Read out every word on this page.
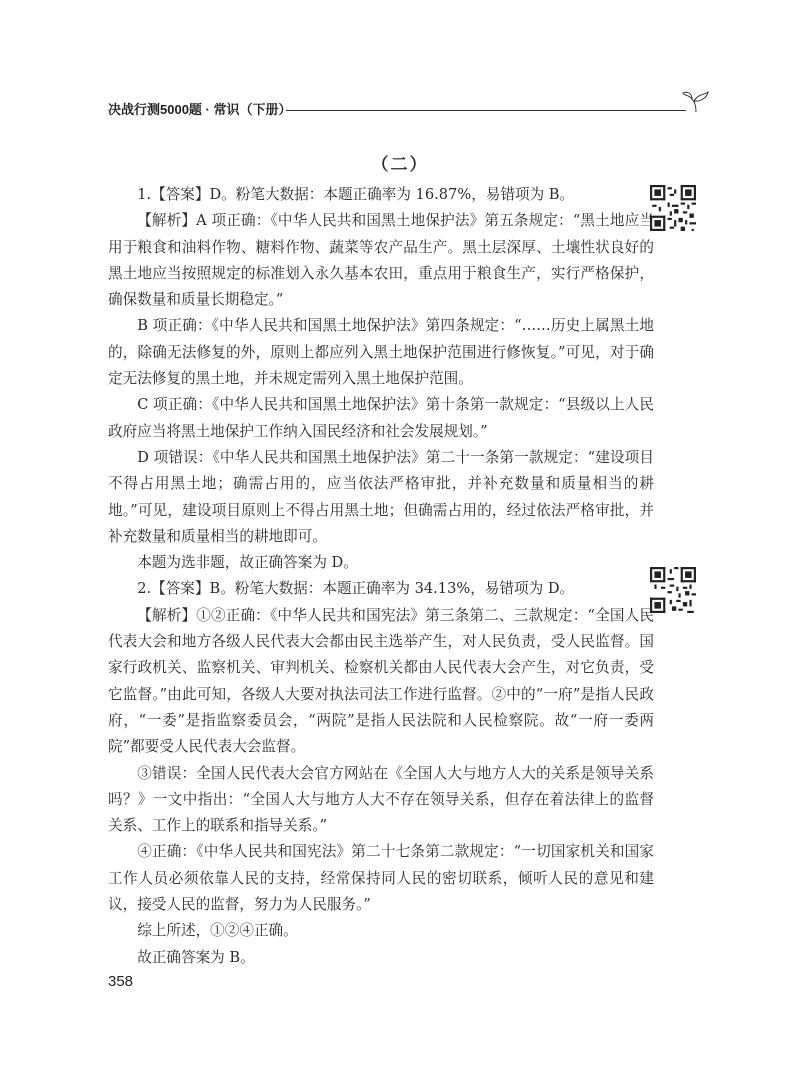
决战行测5000题 · 常识（下册）
（二）

1.【答案】D。粉笔大数据：本题正确率为 16.87%，易错项为 B。

【解析】A 项正确：《中华人民共和国黑土地保护法》第五条规定：“黑土地应当用于粮食和油料作物、糖料作物、蔬菜等农产品生产。黑土层深厚、土壤性状良好的黑土地应当按照规定的标准划入永久基本农田，重点用于粮食生产，实行严格保护，确保数量和质量长期稳定。”

B 项正确：《中华人民共和国黑土地保护法》第四条规定：“……历史上属黑土地的，除确无法修复的外，原则上都应列入黑土地保护范围进行修恢复。”可见，对于确定无法修复的黑土地，并未规定需列入黑土地保护范围。

C 项正确：《中华人民共和国黑土地保护法》第十条第一款规定：“县级以上人民政府应当将黑土地保护工作纳入国民经济和社会发展规划。”

D 项错误：《中华人民共和国黑土地保护法》第二十一条第一款规定：“建设项目不得占用黑土地；确需占用的，应当依法严格审批，并补充数量和质量相当的耕地。”可见，建设项目原则上不得占用黑土地；但确需占用的，经过依法严格审批，并补充数量和质量相当的耕地即可。

本题为选非题，故正确答案为 D。

2.【答案】B。粉笔大数据：本题正确率为 34.13%，易错项为 D。

【解析】①②正确：《中华人民共和国宪法》第三条第二、三款规定：“全国人民代表大会和地方各级人民代表大会都由民主选举产生，对人民负责，受人民监督。国家行政机关、监察机关、审判机关、检察机关都由人民代表大会产生，对它负责，受它监督。”由此可知，各级人大要对执法司法工作进行监督。②中的“一府”是指人民政府，“一委”是指监察委员会，“两院”是指人民法院和人民检察院。故“一府一委两院”都要受人民代表大会监督。

③错误：全国人民代表大会官方网站在《全国人大与地方人大的关系是领导关系吗？》一文中指出：“全国人大与地方人大不存在领导关系，但存在着法律上的监督关系、工作上的联系和指导关系。”

④正确：《中华人民共和国宪法》第二十七条第二款规定：“一切国家机关和国家工作人员必须依靠人民的支持，经常保持同人民的密切联系，倾听人民的意见和建议，接受人民的监督，努力为人民服务。”

综上所述，①②④正确。

故正确答案为 B。

358
